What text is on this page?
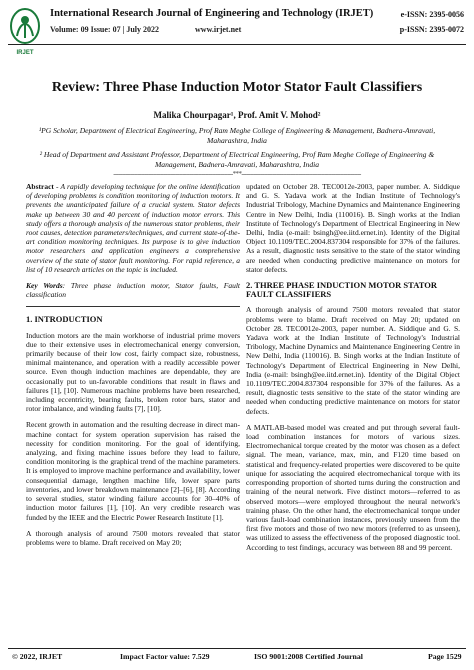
IRJET
International Research Journal of Engineering and Technology (IRJET)	e-ISSN: 2395-0056
Volume: 09 Issue: 07 | July 2022	www.irjet.net	p-ISSN: 2395-0072
Review: Three Phase Induction Motor Stator Fault Classifiers
Malika Chourpagar¹, Prof. Amit V. Mohod²
¹PG Scholar, Department of Electrical Engineering, Prof Ram Meghe College of Engineering & Management, Badnera-Amravati, Maharashtra, India
² Head of Department and Assistant Professor, Department of Electrical Engineering, Prof Ram Meghe College of Engineering & Management, Badnera-Amravati, Maharashtra, India
---------------------------------------------------------------------***---------------------------------------------------------------------

Abstract - A rapidly developing technique for the online identification of developing problems is condition monitoring of induction motors. It prevents the unanticipated failure of a crucial system. Stator defects make up between 30 and 40 percent of induction motor errors. This study offers a thorough analysis of the numerous stator problems, their root causes, detection parameters/techniques, and current state-of-the-art condition monitoring techniques. Its purpose is to give induction motor researchers and application engineers a comprehensive overview of the state of stator fault monitoring. For rapid reference, a list of 10 research articles on the topic is included.

Key Words: Three phase induction motor, Stator faults, Fault classification

1. INTRODUCTION

Induction motors are the main workhorse of industrial prime movers due to their extensive uses in electromechanical energy conversion, primarily because of their low cost, fairly compact size, robustness, minimal maintenance, and operation with a readily accessible power source. Even though induction machines are dependable, they are occasionally put to un-favorable conditions that result in flaws and failures [1], [10]. Numerous machine problems have been researched, including eccentricity, bearing faults, broken rotor bars, stator and rotor imbalance, and winding faults [7], [10].

Recent growth in automation and the resulting decrease in direct man-machine contact for system operation supervision has raised the necessity for condition monitoring. For the goal of identifying, analyzing, and fixing machine issues before they lead to failure, condition monitoring is the graphical trend of the machine parameters. It is employed to improve machine performance and availability, lower consequential damage, lengthen machine life, lower spare parts inventories, and lower breakdown maintenance [2]–[6], [8]. According to several studies, stator winding failure accounts for 30–40% of induction motor failures [1], [10]. An very credible research was funded by the IEEE and the Electric Power Research Institute [1].

A thorough analysis of around 7500 motors revealed that stator problems were to blame. Draft received on May 20;

updated on October 28. TEC0012e-2003, paper number. A. Siddique and G. S. Yadava work at the Indian Institute of Technology's Industrial Tribology, Machine Dynamics and Maintenance Engineering Centre in New Delhi, India (110016). B. Singh works at the Indian Institute of Technology's Department of Electrical Engineering in New Delhi, India (e-mail: bsingh@ee.iitd.ernet.in). Identity of the Digital Object 10.1109/TEC.2004.837304 responsible for 37% of the failures. As a result, diagnostic tests sensitive to the state of the stator winding are needed when conducting predictive maintenance on motors for stator defects.

2. THREE PHASE INDUCTION MOTOR STATOR FAULT CLASSIFIERS

A thorough analysis of around 7500 motors revealed that stator problems were to blame. Draft received on May 20; updated on October 28. TEC0012e-2003, paper number. A. Siddique and G. S. Yadava work at the Indian Institute of Technology's Industrial Tribology, Machine Dynamics and Maintenance Engineering Centre in New Delhi, India (110016). B. Singh works at the Indian Institute of Technology's Department of Electrical Engineering in New Delhi, India (e-mail: bsingh@ee.iitd.ernet.in). Identity of the Digital Object 10.1109/TEC.2004.837304 responsible for 37% of the failures. As a result, diagnostic tests sensitive to the state of the stator winding are needed when conducting predictive maintenance on motors for stator defects.

A MATLAB-based model was created and put through several fault-load combination instances for motors of various sizes. Electromechanical torque created by the motor was chosen as a defect signal. The mean, variance, max, min, and F120 time based on statistical and frequency-related properties were discovered to be quite unique for associating the acquired electromechanical torque with its corresponding proportion of shorted turns during the construction and training of the neural network. Five distinct motors—referred to as observed motors—were employed throughout the neural network's training phase. On the other hand, the electromechanical torque under various fault-load combination instances, previously unseen from the first five motors and those of two new motors (referred to as unseen), was utilized to assess the effectiveness of the proposed diagnostic tool. According to test findings, accuracy was between 88 and 99 percent.

© 2022, IRJET	Impact Factor value: 7.529	ISO 9001:2008 Certified Journal	Page 1529
